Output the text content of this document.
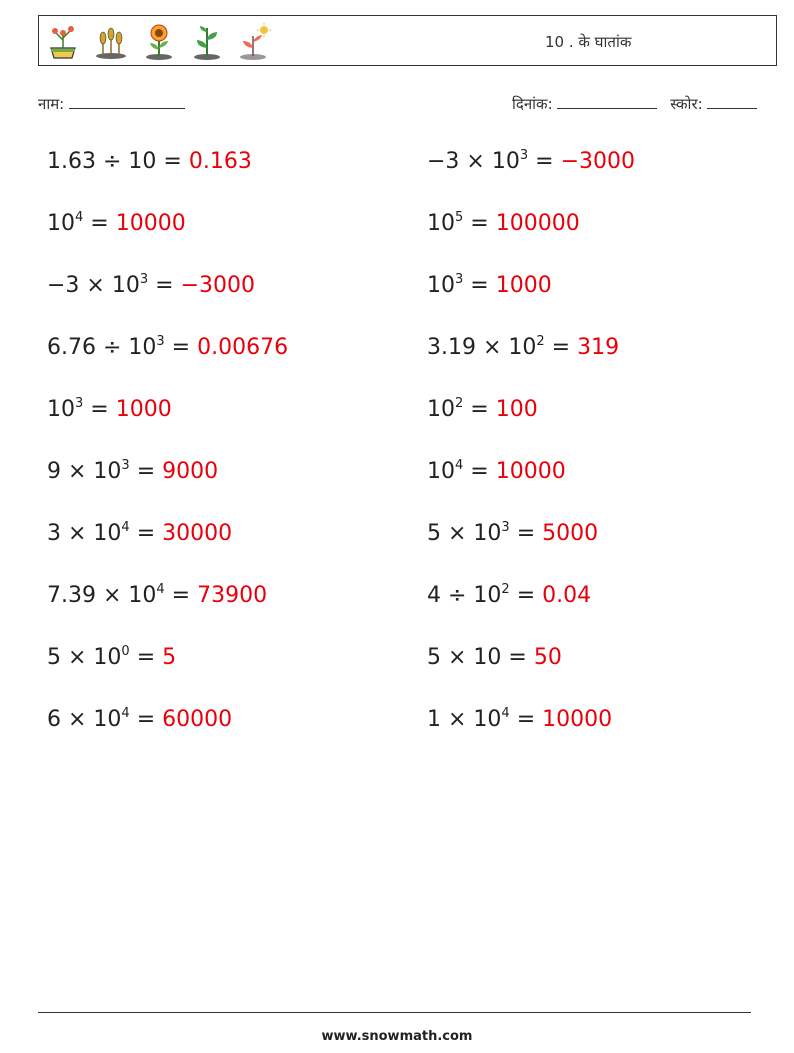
10 . के घातांक
नाम:	दिनांक:	स्कोर:
1.63 ÷ 10 = 0.163	$-3 \times 10^3 = -3000$
$10^4 = 10000$	$10^5 = 100000$
$-3 \times 10^3 = -3000$	$10^3 = 1000$
$6.76 \div 10^3 = 0.00676$	$3.19 \times 10^2 = 319$
$10^3 = 1000$	$10^2 = 100$
$9 \times 10^3 = 9000$	$10^4 = 10000$
$3 \times 10^4 = 30000$	$5 \times 10^3 = 5000$
$7.39 \times 10^4 = 73900$	$4 \div 10^2 = 0.04$
$5 \times 10^0 = 5$	5 × 10 = 50
$6 \times 10^4 = 60000$	$1 \times 10^4 = 10000$
www.snowmath.com
